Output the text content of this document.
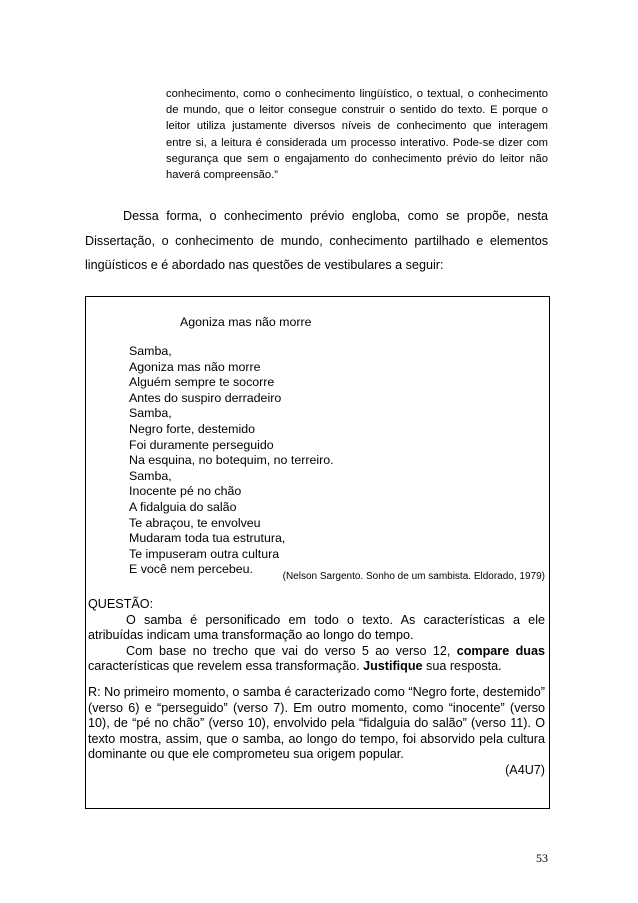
conhecimento, como o conhecimento lingüístico, o textual, o conhecimento de mundo, que o leitor consegue construir o sentido do texto. E porque o leitor utiliza justamente diversos níveis de conhecimento que interagem entre si, a leitura é considerada um processo interativo. Pode-se dizer com segurança que sem o engajamento do conhecimento prévio do leitor não haverá compreensão.”

Dessa forma, o conhecimento prévio engloba, como se propõe, nesta Dissertação, o conhecimento de mundo, conhecimento partilhado e elementos lingüísticos e é abordado nas questões de vestibulares a seguir:

Agoniza mas não morre
Samba,
Agoniza mas não morre
Alguém sempre te socorre
Antes do suspiro derradeiro
Samba,
Negro forte, destemido
Foi duramente perseguido
Na esquina, no botequim, no terreiro.
Samba,
Inocente pé no chão
A fidalguia do salão
Te abraçou, te envolveu
Mudaram toda tua estrutura,
Te impuseram outra cultura
E você nem percebeu.
(Nelson Sargento. Sonho de um sambista. Eldorado, 1979)

QUESTÃO:

O samba é personificado em todo o texto. As características a ele atribuídas indicam uma transformação ao longo do tempo.

Com base no trecho que vai do verso 5 ao verso 12, compare duas características que revelem essa transformação. Justifique sua resposta.

R: No primeiro momento, o samba é caracterizado como “Negro forte, destemido” (verso 6) e “perseguido” (verso 7). Em outro momento, como “inocente” (verso 10), de “pé no chão” (verso 10), envolvido pela “fidalguia do salão” (verso 11). O texto mostra, assim, que o samba, ao longo do tempo, foi absorvido pela cultura dominante ou que ele comprometeu sua origem popular.

(A4U7)

53
